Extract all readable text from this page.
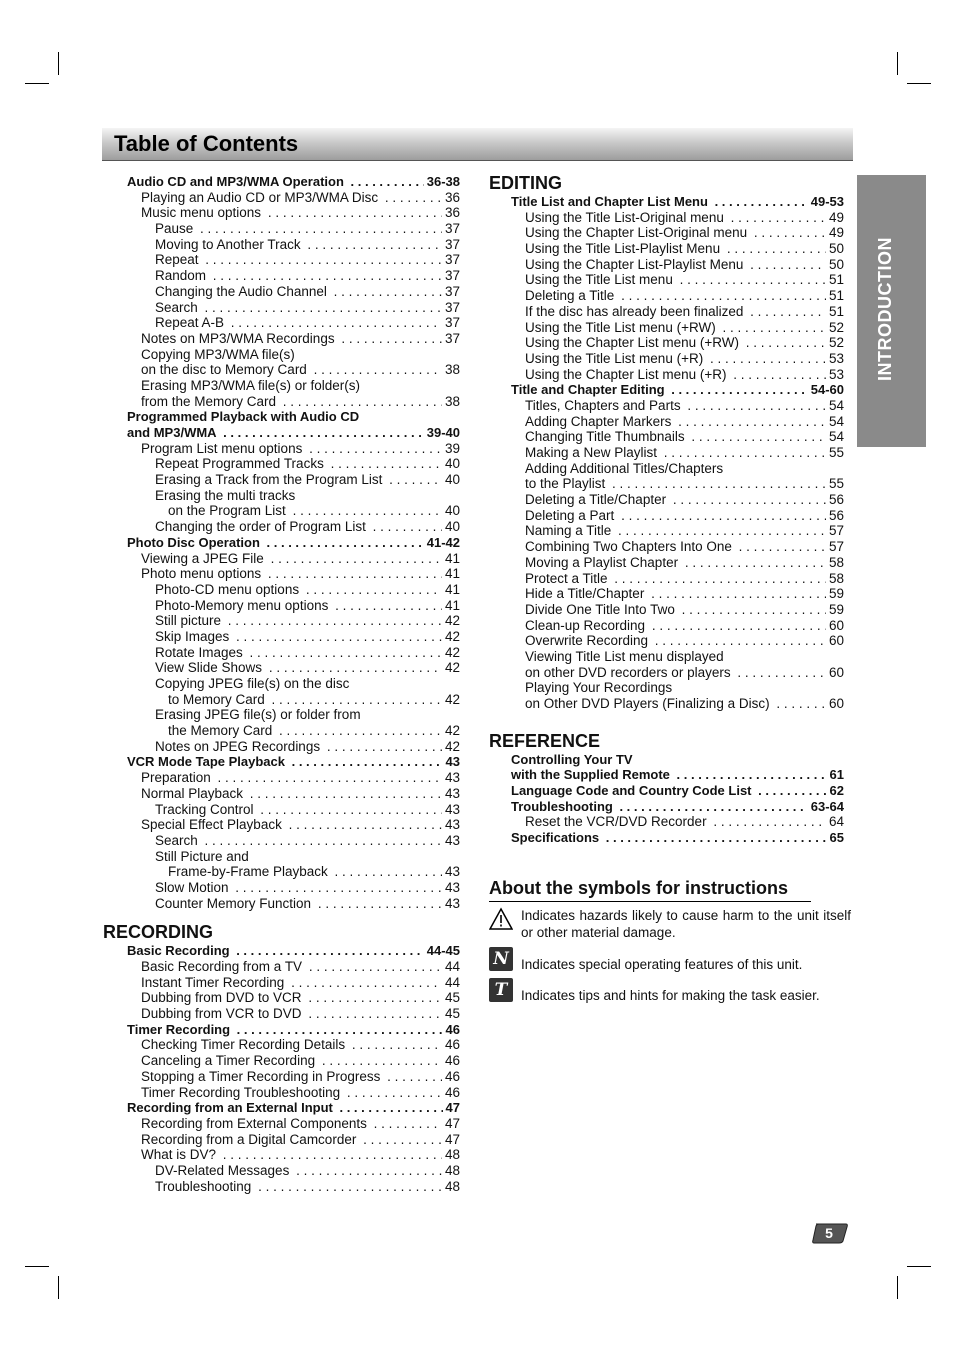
Table of Contents
INTRODUCTION
Audio CD and MP3/WMA Operation . . .	36-38
Playing an Audio CD or MP3/WMA Disc . . .	36
Music menu options . . .	36
• Pause . . .	37
• Moving to Another Track . . .	37
• Repeat . . .	37
• Random . . .	37
• Changing the Audio Channel . . .	37
• Search . . .	37
• Repeat A-B . . .	37
Notes on MP3/WMA Recordings . . .	37
Copying MP3/WMA file(s)
on the disc to Memory Card . . .	38
Erasing MP3/WMA file(s) or folder(s)
from the Memory Card . . .	38
Programmed Playback with Audio CD
and MP3/WMA . . .	39-40
Program List menu options . . .	39
• Repeat Programmed Tracks . . .	40
• Erasing a Track from the Program List . . .	40
• Erasing the multi tracks
on the Program List . . .	40
• Changing the order of Program List . . .	40
Photo Disc Operation . . .	41-42
Viewing a JPEG File . . .	41
Photo menu options . . .	41
• Photo-CD menu options . . .	41
• Photo-Memory menu options . . .	41
• Still picture . . .	42
• Skip Images . . .	42
• Rotate Images . . .	42
• View Slide Shows . . .	42
• Copying JPEG file(s) on the disc
to Memory Card . . .	42
• Erasing JPEG file(s) or folder from
the Memory Card . . .	42
• Notes on JPEG Recordings . . .	42
VCR Mode Tape Playback . . .	43
Preparation . . .	43
Normal Playback . . .	43
• Tracking Control . . .	43
Special Effect Playback . . .	43
• Search . . .	43
• Still Picture and
Frame-by-Frame Playback . . .	43
• Slow Motion . . .	43
• Counter Memory Function . . .	43
RECORDING
Basic Recording . . .	44-45
Basic Recording from a TV . . .	44
Instant Timer Recording . . .	44
Dubbing from DVD to VCR . . .	45
Dubbing from VCR to DVD . . .	45
Timer Recording . . .	46
Checking Timer Recording Details . . .	46
Canceling a Timer Recording . . .	46
Stopping a Timer Recording in Progress . . .	46
Timer Recording Troubleshooting . . .	46
Recording from an External Input . . .	47
Recording from External Components . . .	47
Recording from a Digital Camcorder . . .	47
What is DV? . . .	48
• DV-Related Messages . . .	48
• Troubleshooting . . .	48
EDITING
Title List and Chapter List Menu . . .	49-53
Using the Title List-Original menu . . .	49
Using the Chapter List-Original menu . . .	49
Using the Title List-Playlist Menu . . .	50
Using the Chapter List-Playlist Menu . . .	50
Using the Title List menu . . .	51
Deleting a Title . . .	51
If the disc has already been finalized . . .	51
Using the Title List menu (+RW) . . .	52
Using the Chapter List menu (+RW) . . .	52
Using the Title List menu (+R) . . .	53
Using the Chapter List menu (+R) . . .	53
Title and Chapter Editing . . .	54-60
Titles, Chapters and Parts . . .	54
Adding Chapter Markers . . .	54
Changing Title Thumbnails . . .	54
Making a New Playlist . . .	55
Adding Additional Titles/Chapters
to the Playlist . . .	55
Deleting a Title/Chapter . . .	56
Deleting a Part . . .	56
Naming a Title . . .	57
Combining Two Chapters Into One . . .	57
Moving a Playlist Chapter . . .	58
Protect a Title . . .	58
Hide a Title/Chapter . . .	59
Divide One Title Into Two . . .	59
Clean-up Recording . . .	60
Overwrite Recording . . .	60
Viewing Title List menu displayed
on other DVD recorders or players . . .	60
Playing Your Recordings
on Other DVD Players (Finalizing a Disc) . . .	60
REFERENCE
Controlling Your TV
with the Supplied Remote . . .	61
Language Code and Country Code List . . .	62
Troubleshooting . . .	63-64
Reset the VCR/DVD Recorder . . .	64
Specifications . . .	65
About the symbols for instructions
Indicates hazards likely to cause harm to the unit itself or other material damage.
N Indicates special operating features of this unit.
T	Indicates tips and hints for making the task easier.
5
